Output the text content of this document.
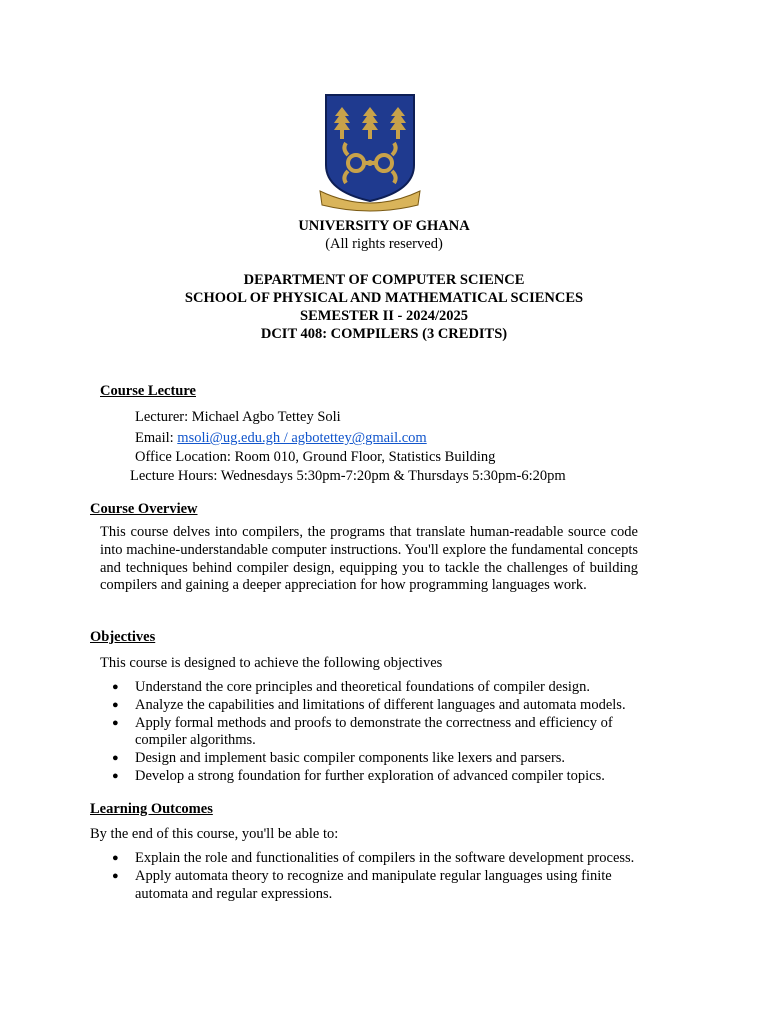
UNIVERSITY OF GHANA
(All rights reserved)
DEPARTMENT OF COMPUTER SCIENCE
SCHOOL OF PHYSICAL AND MATHEMATICAL SCIENCES
SEMESTER II - 2024/2025
DCIT 408: COMPILERS (3 CREDITS)
Course Lecture
Lecturer: Michael Agbo Tettey Soli
Email: msoli@ug.edu.gh / agbotettey@gmail.com
Office Location: Room 010, Ground Floor, Statistics Building
Lecture Hours: Wednesdays 5:30pm-7:20pm & Thursdays 5:30pm-6:20pm
Course Overview
This course delves into compilers, the programs that translate human-readable source code into machine-understandable computer instructions. You'll explore the fundamental concepts and techniques behind compiler design, equipping you to tackle the challenges of building compilers and gaining a deeper appreciation for how programming languages work.
Objectives
This course is designed to achieve the following objectives
● Understand the core principles and theoretical foundations of compiler design.
● Analyze the capabilities and limitations of different languages and automata models.
● Apply formal methods and proofs to demonstrate the correctness and efficiency of compiler algorithms.
● Design and implement basic compiler components like lexers and parsers.
● Develop a strong foundation for further exploration of advanced compiler topics.
Learning Outcomes
By the end of this course, you'll be able to:
● Explain the role and functionalities of compilers in the software development process.
● Apply automata theory to recognize and manipulate regular languages using finite automata and regular expressions.
